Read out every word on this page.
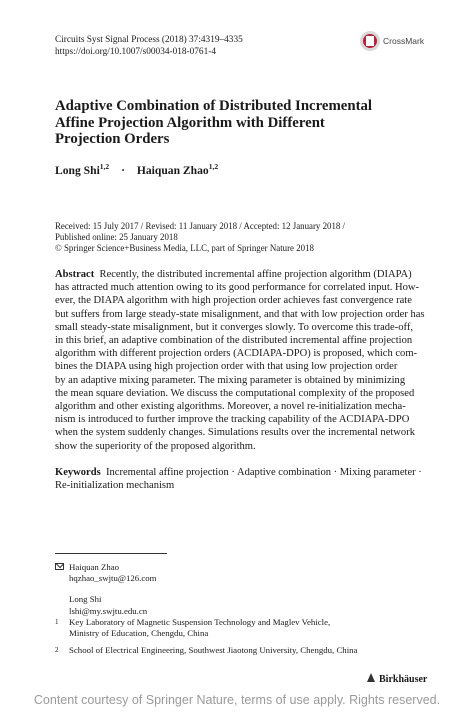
Circuits Syst Signal Process (2018) 37:4319–4335
https://doi.org/10.1007/s00034-018-0761-4
CrossMark
Adaptive Combination of Distributed Incremental
Affine Projection Algorithm with Different
Projection Orders
Long Shi$^{1,2}$ · Haiquan Zhao$^{1,2}$
Received: 15 July 2017 / Revised: 11 January 2018 / Accepted: 12 January 2018 /
Published online: 25 January 2018
© Springer Science+Business Media, LLC, part of Springer Nature 2018
Abstract Recently, the distributed incremental affine projection algorithm (DIAPA)
has attracted much attention owing to its good performance for correlated input. How-
ever, the DIAPA algorithm with high projection order achieves fast convergence rate
but suffers from large steady-state misalignment, and that with low projection order has
small steady-state misalignment, but it converges slowly. To overcome this trade-off,
in this brief, an adaptive combination of the distributed incremental affine projection
algorithm with different projection orders (ACDIAPA-DPO) is proposed, which com-
bines the DIAPA using high projection order with that using low projection order
by an adaptive mixing parameter. The mixing parameter is obtained by minimizing
the mean square deviation. We discuss the computational complexity of the proposed
algorithm and other existing algorithms. Moreover, a novel re-initialization mecha-
nism is introduced to further improve the tracking capability of the ACDIAPA-DPO
when the system suddenly changes. Simulations results over the incremental network
show the superiority of the proposed algorithm.
Keywords Incremental affine projection · Adaptive combination · Mixing parameter ·
Re-initialization mechanism
Haiquan Zhao
hqzhao_swjtu@126.com
Long Shi
lshi@my.swjtu.edu.cn
1 Key Laboratory of Magnetic Suspension Technology and Maglev Vehicle,
Ministry of Education, Chengdu, China
2 School of Electrical Engineering, Southwest Jiaotong University, Chengdu, China
Birkhäuser
Content courtesy of Springer Nature, terms of use apply. Rights reserved.
